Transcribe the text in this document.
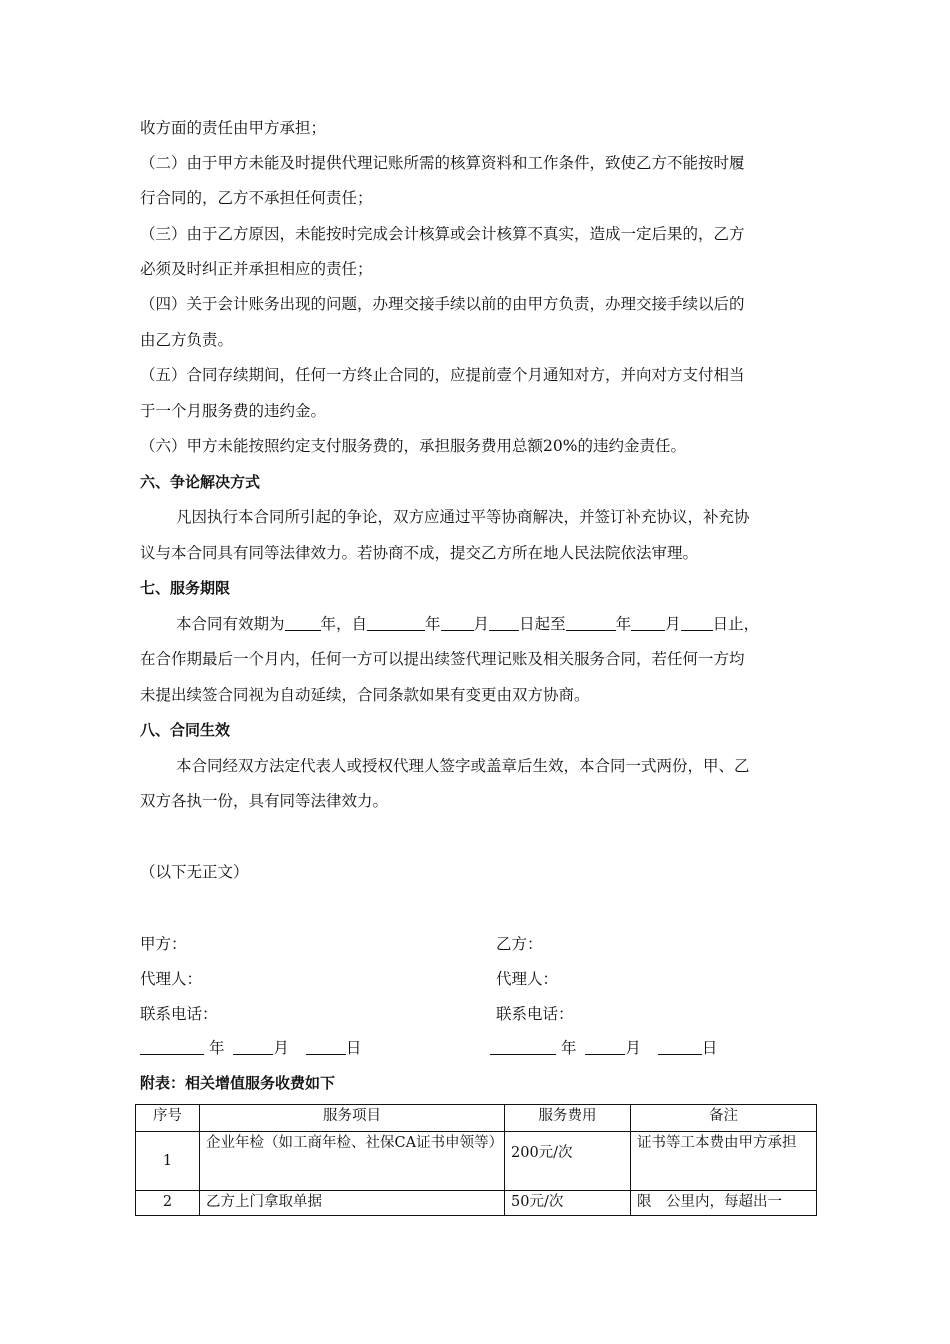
收方面的责任由甲方承担；
（二）由于甲方未能及时提供代理记账所需的核算资料和工作条件，致使乙方不能按时履
行合同的，乙方不承担任何责任；
（三）由于乙方原因，未能按时完成会计核算或会计核算不真实，造成一定后果的，乙方
必须及时纠正并承担相应的责任；
（四）关于会计账务出现的问题，办理交接手续以前的由甲方负责，办理交接手续以后的
由乙方负责。
（五）合同存续期间，任何一方终止合同的，应提前壹个月通知对方，并向对方支付相当
于一个月服务费的违约金。
（六）甲方未能按照约定支付服务费的，承担服务费用总额20%的违约金责任。
六、争论解决方式
凡因执行本合同所引起的争论，双方应通过平等协商解决，并签订补充协议，补充协
议与本合同具有同等法律效力。若协商不成，提交乙方所在地人民法院依法审理。
七、服务期限
本合同有效期为 年，自	年 月 日起至	年 月 日止，
在合作期最后一个月内，任何一方可以提出续签代理记账及相关服务合同，若任何一方均
未提出续签合同视为自动延续，合同条款如果有变更由双方协商。
八、合同生效
本合同经双方法定代表人或授权代理人签字或盖章后生效，本合同一式两份，甲、乙
双方各执一份，具有同等法律效力。
（以下无正文）
甲方：
代理人：
联系电话：
年	月	日
乙方：
代理人：
联系电话：
年	月	日
附表：相关增值服务收费如下
序号	服务项目	服务费用	备注
1	企业年检（如工商年检、社保CA证书申领等）	200元/次	证书等工本费由甲方承担
2	乙方上门拿取单据	50元/次	限　公里内，每超出一
